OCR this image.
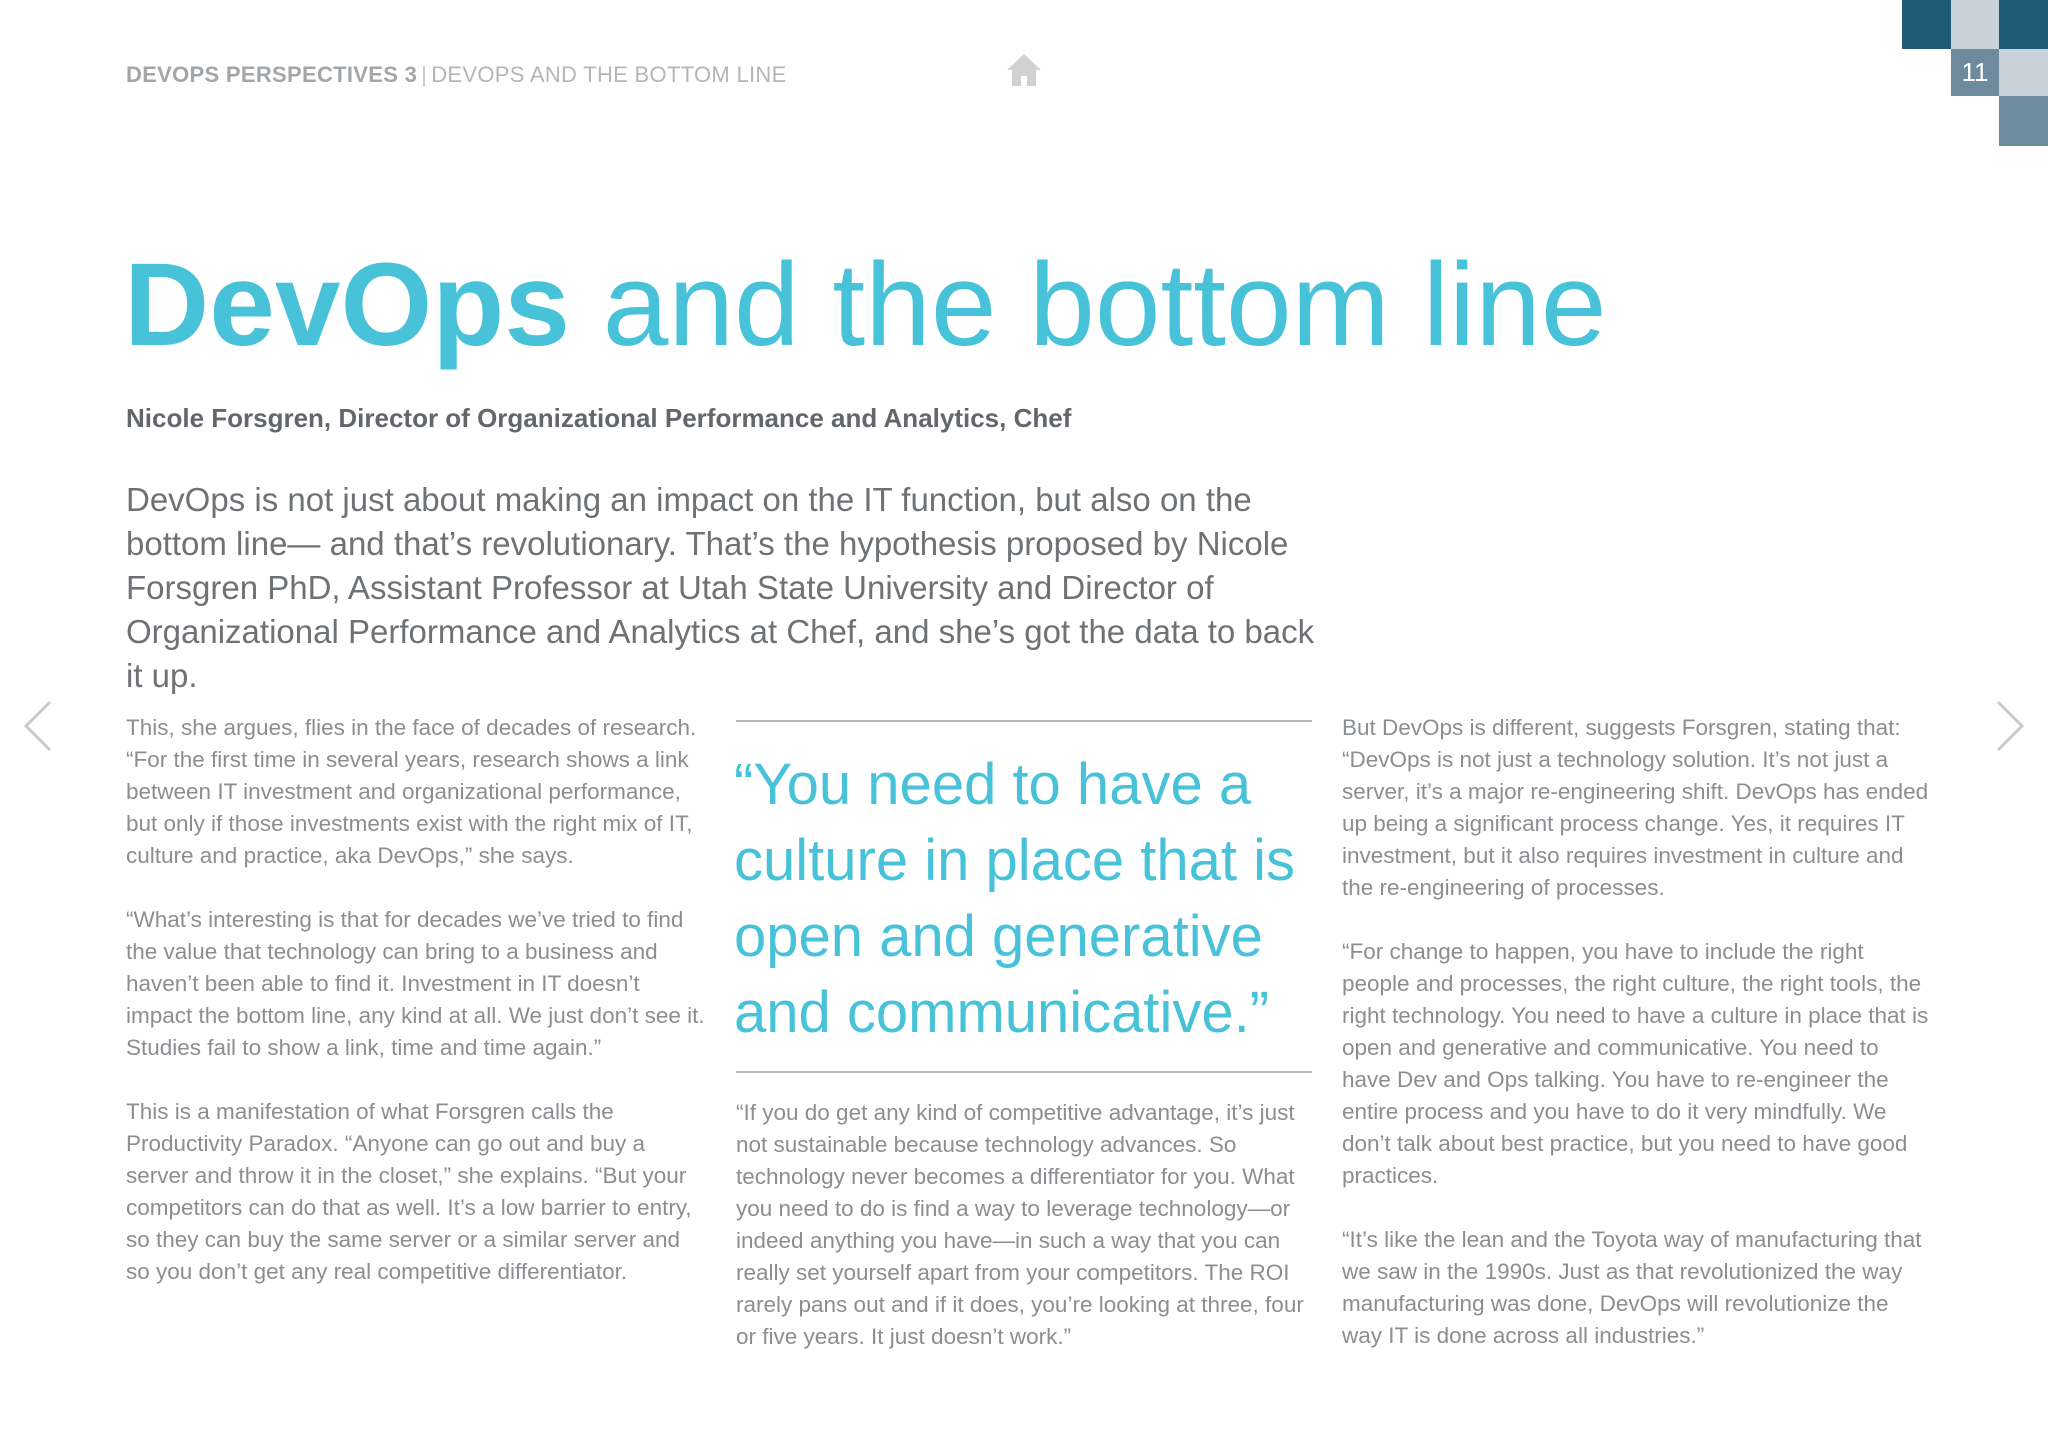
11
DEVOPS PERSPECTIVES 3 | DEVOPS AND THE BOTTOM LINE
DevOps and the bottom line

Nicole Forsgren, Director of Organizational Performance and Analytics, Chef

DevOps is not just about making an impact on the IT function, but also on the bottom line— and that’s revolutionary. That’s the hypothesis proposed by Nicole Forsgren PhD, Assistant Professor at Utah State University and Director of Organizational Performance and Analytics at Chef, and she’s got the data to back it up.

This, she argues, flies in the face of decades of research. “For the first time in several years, research shows a link between IT investment and organizational performance, but only if those investments exist with the right mix of IT, culture and practice, aka DevOps,” she says.

“What’s interesting is that for decades we’ve tried to find the value that technology can bring to a business and haven’t been able to find it. Investment in IT doesn’t impact the bottom line, any kind at all. We just don’t see it. Studies fail to show a link, time and time again.”

This is a manifestation of what Forsgren calls the Productivity Paradox. “Anyone can go out and buy a server and throw it in the closet,” she explains. “But your competitors can do that as well. It’s a low barrier to entry, so they can buy the same server or a similar server and so you don’t get any real competitive differentiator.

“You need to have a culture in place that is open and generative and communicative.”

“If you do get any kind of competitive advantage, it’s just not sustainable because technology advances. So technology never becomes a differentiator for you. What you need to do is find a way to leverage technology—or indeed anything you have—in such a way that you can really set yourself apart from your competitors. The ROI rarely pans out and if it does, you’re looking at three, four or five years. It just doesn’t work.”

But DevOps is different, suggests Forsgren, stating that: “DevOps is not just a technology solution. It’s not just a server, it’s a major re-engineering shift. DevOps has ended up being a significant process change. Yes, it requires IT investment, but it also requires investment in culture and the re-engineering of processes.

“For change to happen, you have to include the right people and processes, the right culture, the right tools, the right technology. You need to have a culture in place that is open and generative and communicative. You need to have Dev and Ops talking. You have to re-engineer the entire process and you have to do it very mindfully. We don’t talk about best practice, but you need to have good practices.

“It’s like the lean and the Toyota way of manufacturing that we saw in the 1990s. Just as that revolutionized the way manufacturing was done, DevOps will revolutionize the way IT is done across all industries.”
